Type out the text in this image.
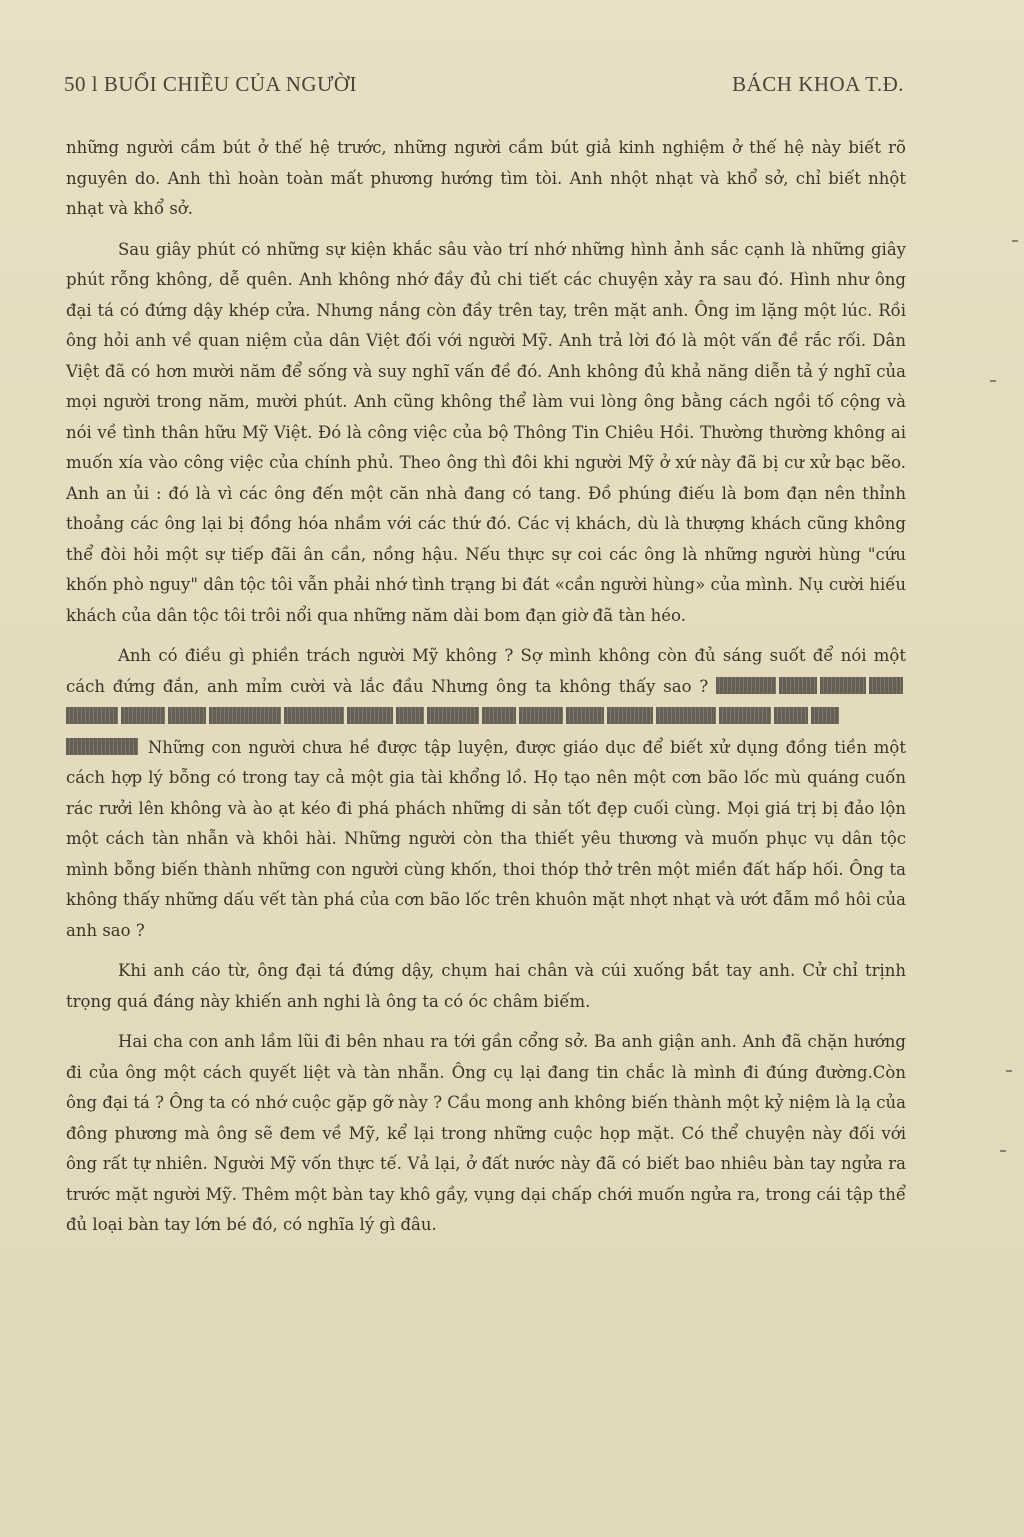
50 l BUỔI CHIỀU CỦA NGƯỜI	BÁCH KHOA T.Đ.

những người cầm bút ở thế hệ trước, những người cầm bút giả kinh nghiệm ở thế hệ này biết rõ nguyên do. Anh thì hoàn toàn mất phương hướng tìm tòi. Anh nhột nhạt và khổ sở, chỉ biết nhột nhạt và khổ sở.

Sau giây phút có những sự kiện khắc sâu vào trí nhớ những hình ảnh sắc cạnh là những giây phút rỗng không, dễ quên. Anh không nhớ đầy đủ chi tiết các chuyện xảy ra sau đó. Hình như ông đại tá có đứng dậy khép cửa. Nhưng nắng còn đầy trên tay, trên mặt anh. Ông im lặng một lúc. Rồi ông hỏi anh về quan niệm của dân Việt đối với người Mỹ. Anh trả lời đó là một vấn đề rắc rối. Dân Việt đã có hơn mười năm để sống và suy nghĩ vấn đề đó. Anh không đủ khả năng diễn tả ý nghĩ của mọi người trong năm, mười phút. Anh cũng không thể làm vui lòng ông bằng cách ngồi tố cộng và nói về tình thân hữu Mỹ Việt. Đó là công việc của bộ Thông Tin Chiêu Hồi. Thường thường không ai muốn xía vào công việc của chính phủ. Theo ông thì đôi khi người Mỹ ở xứ này đã bị cư xử bạc bẽo. Anh an ủi : đó là vì các ông đến một căn nhà đang có tang. Đồ phúng điếu là bom đạn nên thỉnh thoảng các ông lại bị đồng hóa nhầm với các thứ đó. Các vị khách, dù là thượng khách cũng không thể đòi hỏi một sự tiếp đãi ân cần, nồng hậu. Nếu thực sự coi các ông là những người hùng "cứu khốn phò nguy" dân tộc tôi vẫn phải nhớ tình trạng bi đát «cần người hùng» của mình. Nụ cười hiếu khách của dân tộc tôi trôi nổi qua những năm dài bom đạn giờ đã tàn héo.

Anh có điều gì phiền trách người Mỹ không ? Sợ mình không còn đủ sáng suốt để nói một cách đứng đắn, anh mỉm cười và lắc đầu Nhưng ông ta không thấy sao ?  Những con người chưa hề được tập luyện, được giáo dục để biết xử dụng đồng tiền một cách hợp lý bỗng có trong tay cả một gia tài khổng lồ. Họ tạo nên một cơn bão lốc mù quáng cuốn rác rưởi lên không và ào ạt kéo đi phá phách những di sản tốt đẹp cuối cùng. Mọi giá trị bị đảo lộn một cách tàn nhẫn và khôi hài. Những người còn tha thiết yêu thương và muốn phục vụ dân tộc mình bỗng biến thành những con người cùng khốn, thoi thóp thở trên một miền đất hấp hối. Ông ta không thấy những dấu vết tàn phá của cơn bão lốc trên khuôn mặt nhợt nhạt và ướt đẫm mồ hôi của anh sao ?

Khi anh cáo từ, ông đại tá đứng dậy, chụm hai chân và cúi xuống bắt tay anh. Cử chỉ trịnh trọng quá đáng này khiến anh nghi là ông ta có óc châm biếm.

Hai cha con anh lầm lũi đi bên nhau ra tới gần cổng sở. Ba anh giận anh. Anh đã chặn hướng đi của ông một cách quyết liệt và tàn nhẫn. Ông cụ lại đang tin chắc là mình đi đúng đường.Còn ông đại tá ? Ông ta có nhớ cuộc gặp gỡ này ? Cầu mong anh không biến thành một kỷ niệm là lạ của đông phương mà ông sẽ đem về Mỹ, kể lại trong những cuộc họp mặt. Có thể chuyện này đối với ông rất tự nhiên. Người Mỹ vốn thực tế. Vả lại, ở đất nước này đã có biết bao nhiêu bàn tay ngửa ra trước mặt người Mỹ. Thêm một bàn tay khô gầy, vụng dại chấp chới muốn ngửa ra, trong cái tập thể đủ loại bàn tay lớn bé đó, có nghĩa lý gì đâu.
